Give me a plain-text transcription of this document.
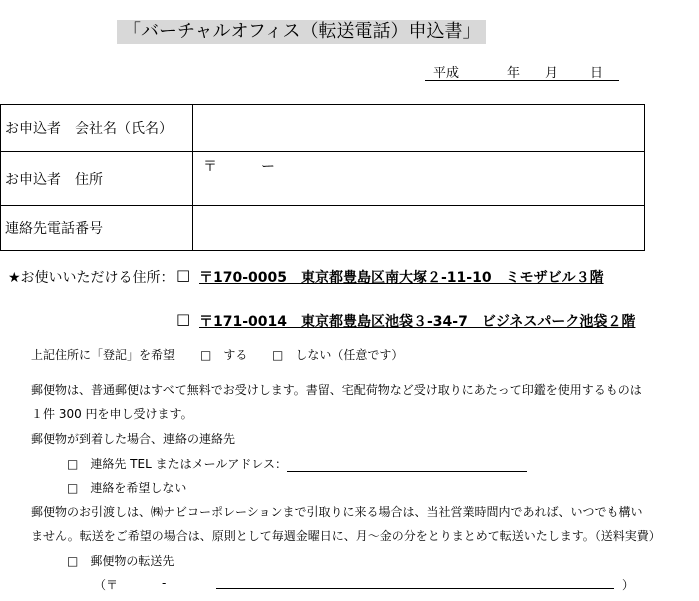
「バーチャルオフィス（転送電話）申込書」
平成	年 月 日
お申込者　会社名（氏名）	
お申込者　住所	〒 ー

連絡先電話番号	
★お使いいただける住所： □ 〒170-0005　東京都豊島区南大塚２-11-10　ミモザビル３階
□ 〒171-0014　東京都豊島区池袋３-34-7　ビジネスパーク池袋２階
上記住所に「登記」を希望 □　する □　しない（任意です）
郵便物は、普通郵便はすべて無料でお受けします。書留、宅配荷物など受け取りにあたって印鑑を使用するものは
１件 300 円を申し受けます。
郵便物が到着した場合、連絡の連絡先
□　連絡先 TEL またはメールアドレス：
□　連絡を希望しない
郵便物のお引渡しは、㈱ナビコーポレーションまで引取りに来る場合は、当社営業時間内であれば、いつでも構い
ません。転送をご希望の場合は、原則として毎週金曜日に、月～金の分をとりまとめて転送いたします。（送料実費）
□　郵便物の転送先
（〒	-	）
